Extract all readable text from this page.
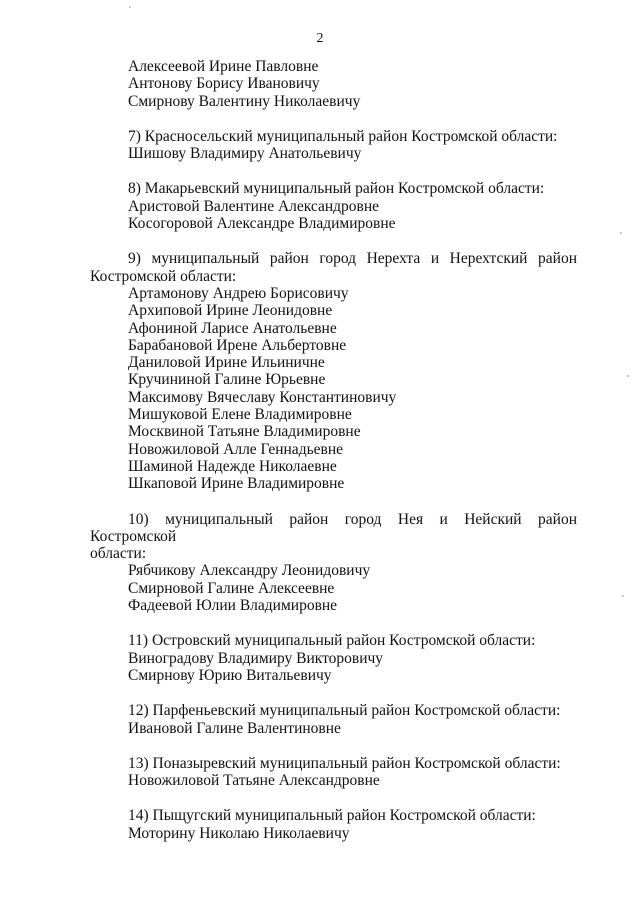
2
Алексеевой Ирине Павловне
Антонову Борису Ивановичу
Смирнову Валентину Николаевичу
7) Красносельский муниципальный район Костромской области:
Шишову Владимиру Анатольевичу
8) Макарьевский муниципальный район Костромской области:
Аристовой Валентине Александровне
Косогоровой Александре Владимировне
9) муниципальный район город Нерехта и Нерехтский район
Костромской области:
Артамонову Андрею Борисовичу
Архиповой Ирине Леонидовне
Афониной Ларисе Анатольевне
Барабановой Ирене Альбертовне
Даниловой Ирине Ильиничне
Кручининой Галине Юрьевне
Максимову Вячеславу Константиновичу
Мишуковой Елене Владимировне
Москвиной Татьяне Владимировне
Новожиловой Алле Геннадьевне
Шаминой Надежде Николаевне
Шкаповой Ирине Владимировне
10) муниципальный район город Нея и Нейский район Костромской
области:
Рябчикову Александру Леонидовичу
Смирновой Галине Алексеевне
Фадеевой Юлии Владимировне
11) Островский муниципальный район Костромской области:
Виноградову Владимиру Викторовичу
Смирнову Юрию Витальевичу
12) Парфеньевский муниципальный район Костромской области:
Ивановой Галине Валентиновне
13) Поназыревский муниципальный район Костромской области:
Новожиловой Татьяне Александровне
14) Пыщугский муниципальный район Костромской области:
Моторину Николаю Николаевичу
